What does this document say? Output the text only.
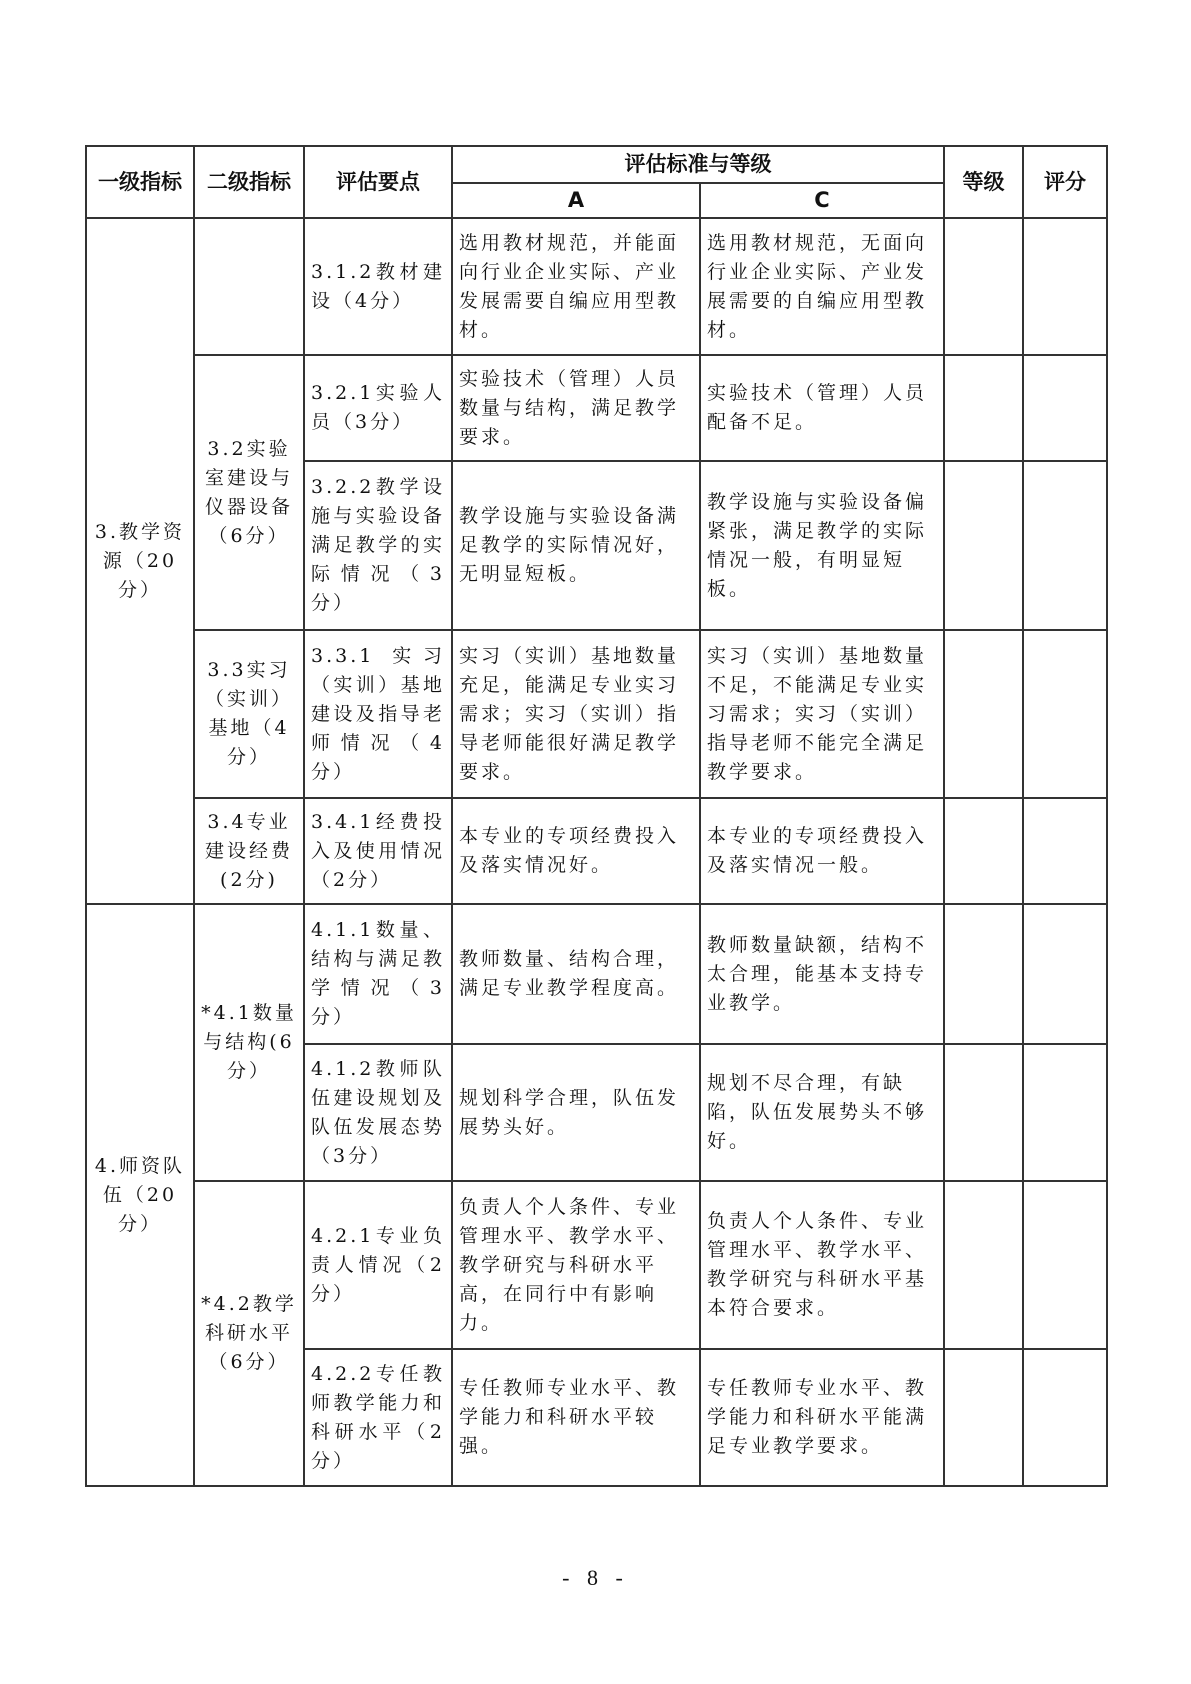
一级指标	二级指标	评估要点	评估标准与等级		等级	评分
			A	C		
3.教学资源（20分）		3.1.2教材建设（4分）	选用教材规范，并能面向行业企业实际、产业发展需要自编应用型教材。	选用教材规范，无面向行业企业实际、产业发展需要的自编应用型教材。		
	3.2实验室建设与仪器设备（6分）	3.2.1实验人员（3分）	实验技术（管理）人员数量与结构，满足教学要求。	实验技术（管理）人员配备不足。		
		3.2.2教学设施与实验设备满足教学的实际情况（3分）	教学设施与实验设备满足教学的实际情况好，无明显短板。	教学设施与实验设备偏紧张，满足教学的实际情况一般，有明显短板。		
	3.3实习（实训）基地（4分）	3.3.1 实习（实训）基地建设及指导老师情况（4分）	实习（实训）基地数量充足，能满足专业实习需求；实习（实训）指导老师能很好满足教学要求。	实习（实训）基地数量不足，不能满足专业实习需求；实习（实训）指导老师不能完全满足教学要求。		
	3.4专业建设经费(2分)	3.4.1经费投入及使用情况（2分）	本专业的专项经费投入及落实情况好。	本专业的专项经费投入及落实情况一般。		
4.师资队伍（20分）	*4.1数量与结构(6分）	4.1.1数量、结构与满足教学情况（3分）	教师数量、结构合理，满足专业教学程度高。	教师数量缺额，结构不太合理，能基本支持专业教学。		
		4.1.2教师队伍建设规划及队伍发展态势（3分）	规划科学合理，队伍发展势头好。	规划不尽合理，有缺陷，队伍发展势头不够好。		
	*4.2教学科研水平（6分）	4.2.1专业负责人情况（2分）	负责人个人条件、专业管理水平、教学水平、教学研究与科研水平高，在同行中有影响力。	负责人个人条件、专业管理水平、教学水平、教学研究与科研水平基本符合要求。		
		4.2.2专任教师教学能力和科研水平（2分）	专任教师专业水平、教学能力和科研水平较强。	专任教师专业水平、教学能力和科研水平能满足专业教学要求。		
- 8 -
